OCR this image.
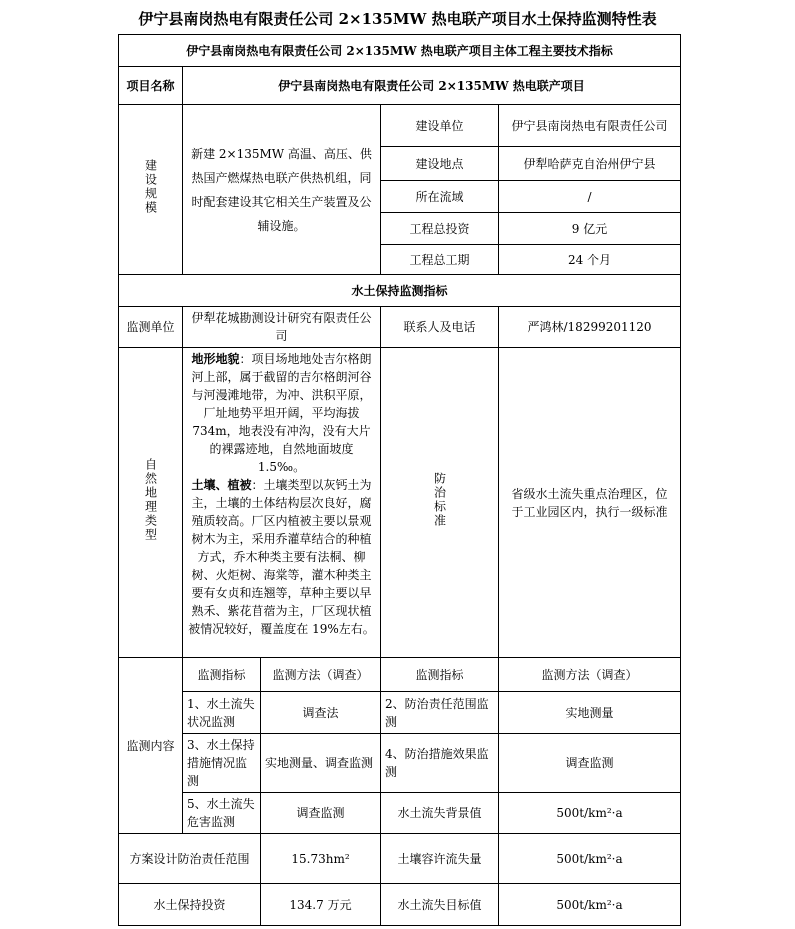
伊宁县南岗热电有限责任公司 2×135MW 热电联产项目水土保持监测特性表
伊宁县南岗热电有限责任公司 2×135MW 热电联产项目主体工程主要技术指标				
项目名称	伊宁县南岗热电有限责任公司 2×135MW 热电联产项目			
建设规模	新建 2×135MW 高温、高压、供热国产燃煤热电联产供热机组，同时配套建设其它相关生产装置及公辅设施。		建设单位	伊宁县南岗热电有限责任公司
			建设地点	伊犁哈萨克自治州伊宁县
			所在流域	/
			工程总投资	9 亿元
			工程总工期	24 个月
水土保持监测指标				
监测单位	伊犁花城勘测设计研究有限责任公司		联系人及电话	严鸿林/18299201120
自然地理类型	地形地貌：项目场地地处吉尔格朗河上部，属于截留的吉尔格朗河谷与河漫滩地带，为冲、洪积平原，厂址地势平坦开阔，平均海拔 734m，地表没有冲沟，没有大片的裸露迹地，自然地面坡度 1.5‰。
土壤、植被：土壤类型以灰钙土为主，土壤的土体结构层次良好，腐殖质较高。厂区内植被主要以景观树木为主，采用乔灌草结合的种植方式，乔木种类主要有法桐、柳树、火炬树、海棠等，灌木种类主要有女贞和连翘等，草种主要以早熟禾、紫花苜蓿为主，厂区现状植被情况较好，覆盖度在 19%左右。		防治标准	省级水土流失重点治理区，位于工业园区内，执行一级标准
监测内容	监测指标	监测方法（调查）	监测指标	监测方法（调查）
	1、水土流失状况监测	调查法	2、防治责任范围监测	实地测量
	3、水土保持措施情况监测	实地测量、调查监测	4、防治措施效果监测	调查监测
	5、水土流失危害监测	调查监测	水土流失背景值	500t/km²·a
方案设计防治责任范围		15.73hm²	土壤容许流失量	500t/km²·a
水土保持投资		134.7 万元	水土流失目标值	500t/km²·a
